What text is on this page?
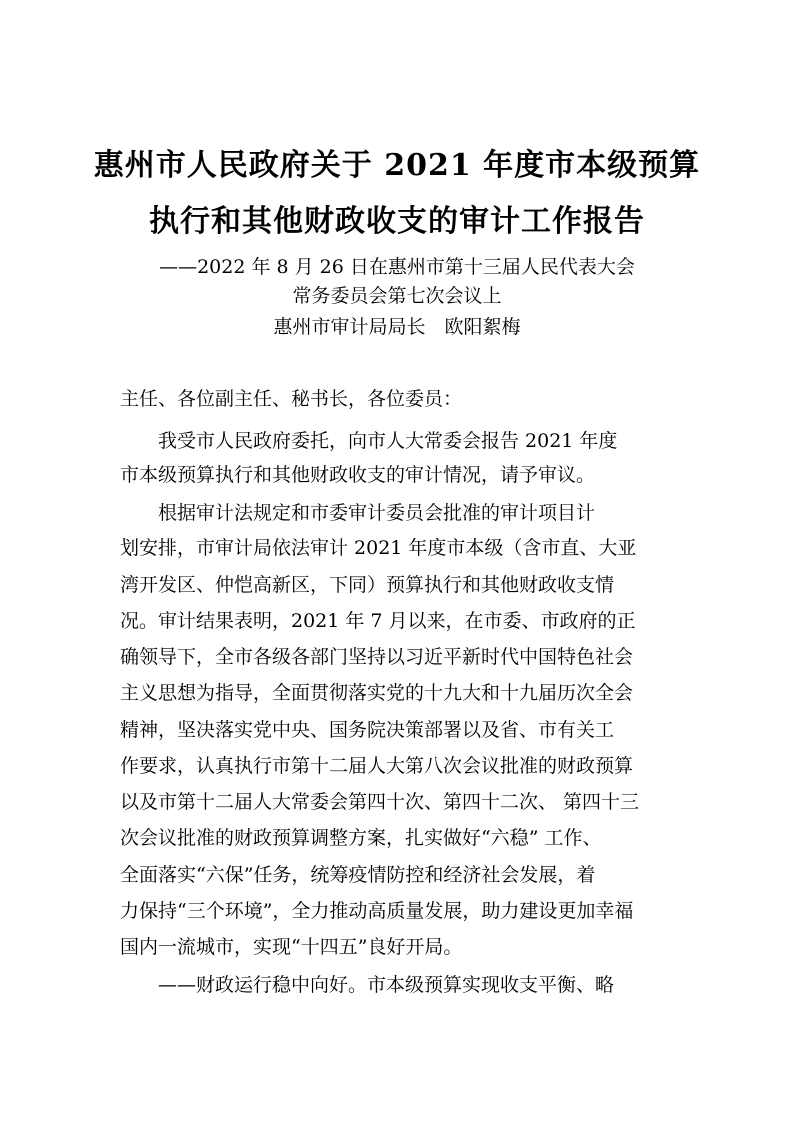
惠州市人民政府关于 2021 年度市本级预算
执行和其他财政收支的审计工作报告
——2022 年 8 月 26 日在惠州市第十三届人民代表大会
常务委员会第七次会议上
惠州市审计局局长　欧阳絮梅
主任、各位副主任、秘书长，各位委员：
　　我受市人民政府委托，向市人大常委会报告 2021 年度
市本级预算执行和其他财政收支的审计情况，请予审议。
　　根据审计法规定和市委审计委员会批准的审计项目计
划安排，市审计局依法审计 2021 年度市本级（含市直、大亚
湾开发区、仲恺高新区，下同）预算执行和其他财政收支情
况。审计结果表明，2021 年 7 月以来，在市委、市政府的正
确领导下，全市各级各部门坚持以习近平新时代中国特色社会
主义思想为指导，全面贯彻落实党的十九大和十九届历次全会
精神，坚决落实党中央、国务院决策部署以及省、市有关工
作要求，认真执行市第十二届人大第八次会议批准的财政预算
以及市第十二届人大常委会第四十次、第四十二次、 第四十三
次会议批准的财政预算调整方案，扎实做好“六稳” 工作、
全面落实“六保”任务，统筹疫情防控和经济社会发展，着
力保持“三个环境”，全力推动高质量发展，助力建设更加幸福
国内一流城市，实现“十四五”良好开局。
　　——财政运行稳中向好。市本级预算实现收支平衡、略
